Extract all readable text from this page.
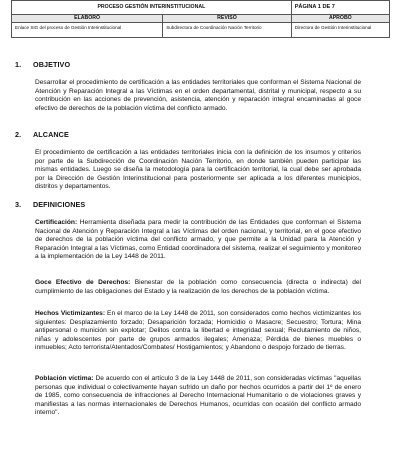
PROCESO GESTIÓN INTERINSTITUCIONAL		PÁGINA 1 DE 7
ELABORÓ	REVISÓ	APROBÓ
Enlace SIG del proceso de Gestión Interinstitucional	Subdirectora de Coordinación Nación Territorio	Directora de Gestión Interinstitucional
1. OBJETIVO

Desarrollar el procedimiento de certificación a las entidades territoriales que conforman el Sistema Nacional de Atención y Reparación Integral a las Víctimas en el orden departamental, distrital y municipal, respecto a su contribución en las acciones de prevención, asistencia, atención y reparación integral encaminadas al goce efectivo de derechos de la población víctima del conflicto armado.

2. ALCANCE

El procedimiento de certificación a las entidades territoriales inicia con la definición de los insumos y criterios por parte de la Subdirección de Coordinación Nación Territorio, en donde también pueden participar las mismas entidades. Luego se diseña la metodología para la certificación territorial, la cual debe ser aprobada por la Dirección de Gestión Interinstitucional para posteriormente ser aplicada a los diferentes municipios, distritos y departamentos.

3. DEFINICIONES

Certificación: Herramienta diseñada para medir la contribución de las Entidades que conforman el Sistema Nacional de Atención y Reparación Integral a las Víctimas del orden nacional, y territorial, en el goce efectivo de derechos de la población víctima del conflicto armado, y que permite a la Unidad para la Atención y Reparación Integral a las Víctimas, como Entidad coordinadora del sistema, realizar el seguimiento y monitoreo a la implementación de la Ley 1448 de 2011.

Goce Efectivo de Derechos: Bienestar de la población como consecuencia (directa o indirecta) del cumplimiento de las obligaciones del Estado y la realización de los derechos de la población víctima.

Hechos Victimizantes: En el marco de la Ley 1448 de 2011, son considerados como hechos victimizantes los siguientes: Desplazamiento forzado; Desaparición forzada; Homicidio o Masacre; Secuestro; Tortura; Mina antipersonal o munición sin explotar; Delitos contra la libertad e integridad sexual; Reclutamiento de niños, niñas y adolescentes por parte de grupos armados ilegales; Amenaza; Pérdida de bienes muebles o inmuebles; Acto terrorista/Atentados/Combates/ Hostigamientos; y Abandono o despojo forzado de tierras.

Población víctima: De acuerdo con el artículo 3 de la Ley 1448 de 2011, son consideradas víctimas "aquellas personas que individual o colectivamente hayan sufrido un daño por hechos ocurridos a partir del 1º de enero de 1985, como consecuencia de infracciones al Derecho Internacional Humanitario o de violaciones graves y manifiestas a las normas internacionales de Derechos Humanos, ocurridas con ocasión del conflicto armado interno".
